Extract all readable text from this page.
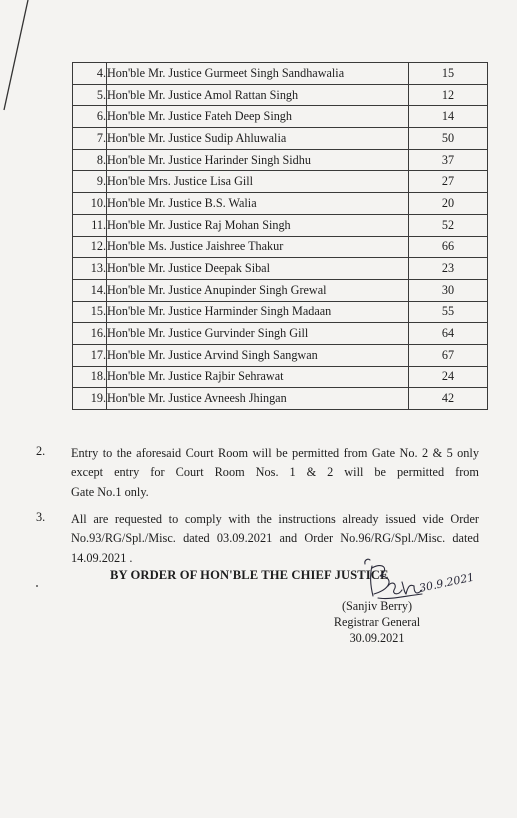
4.	Hon'ble Mr. Justice Gurmeet Singh Sandhawalia	15
5.	Hon'ble Mr. Justice Amol Rattan Singh	12
6.	Hon'ble Mr. Justice Fateh Deep Singh	14
7.	Hon'ble Mr. Justice Sudip Ahluwalia	50
8.	Hon'ble Mr. Justice Harinder Singh Sidhu	37
9.	Hon'ble Mrs. Justice Lisa Gill	27
10.	Hon'ble Mr. Justice B.S. Walia	20
11.	Hon'ble Mr. Justice Raj Mohan Singh	52
12.	Hon'ble Ms. Justice Jaishree Thakur	66
13.	Hon'ble Mr. Justice Deepak Sibal	23
14.	Hon'ble Mr. Justice Anupinder Singh Grewal	30
15.	Hon'ble Mr. Justice Harminder Singh Madaan	55
16.	Hon'ble Mr. Justice Gurvinder Singh Gill	64
17.	Hon'ble Mr. Justice Arvind Singh Sangwan	67
18.	Hon'ble Mr. Justice Rajbir Sehrawat	24
19.	Hon'ble Mr. Justice Avneesh Jhingan	42
2. Entry to the aforesaid Court Room will be permitted from Gate No. 2 & 5 only
except entry for Court Room Nos. 1 & 2 will be permitted from
Gate No.1 only.
3. All are requested to comply with the instructions already issued vide Order
No.93/RG/Spl./Misc. dated 03.09.2021 and Order No.96/RG/Spl./Misc. dated
14.09.2021 .
BY ORDER OF HON'BLE THE CHIEF JUSTICE	30.9.2021
(Sanjiv Berry)
Registrar General
30.09.2021
